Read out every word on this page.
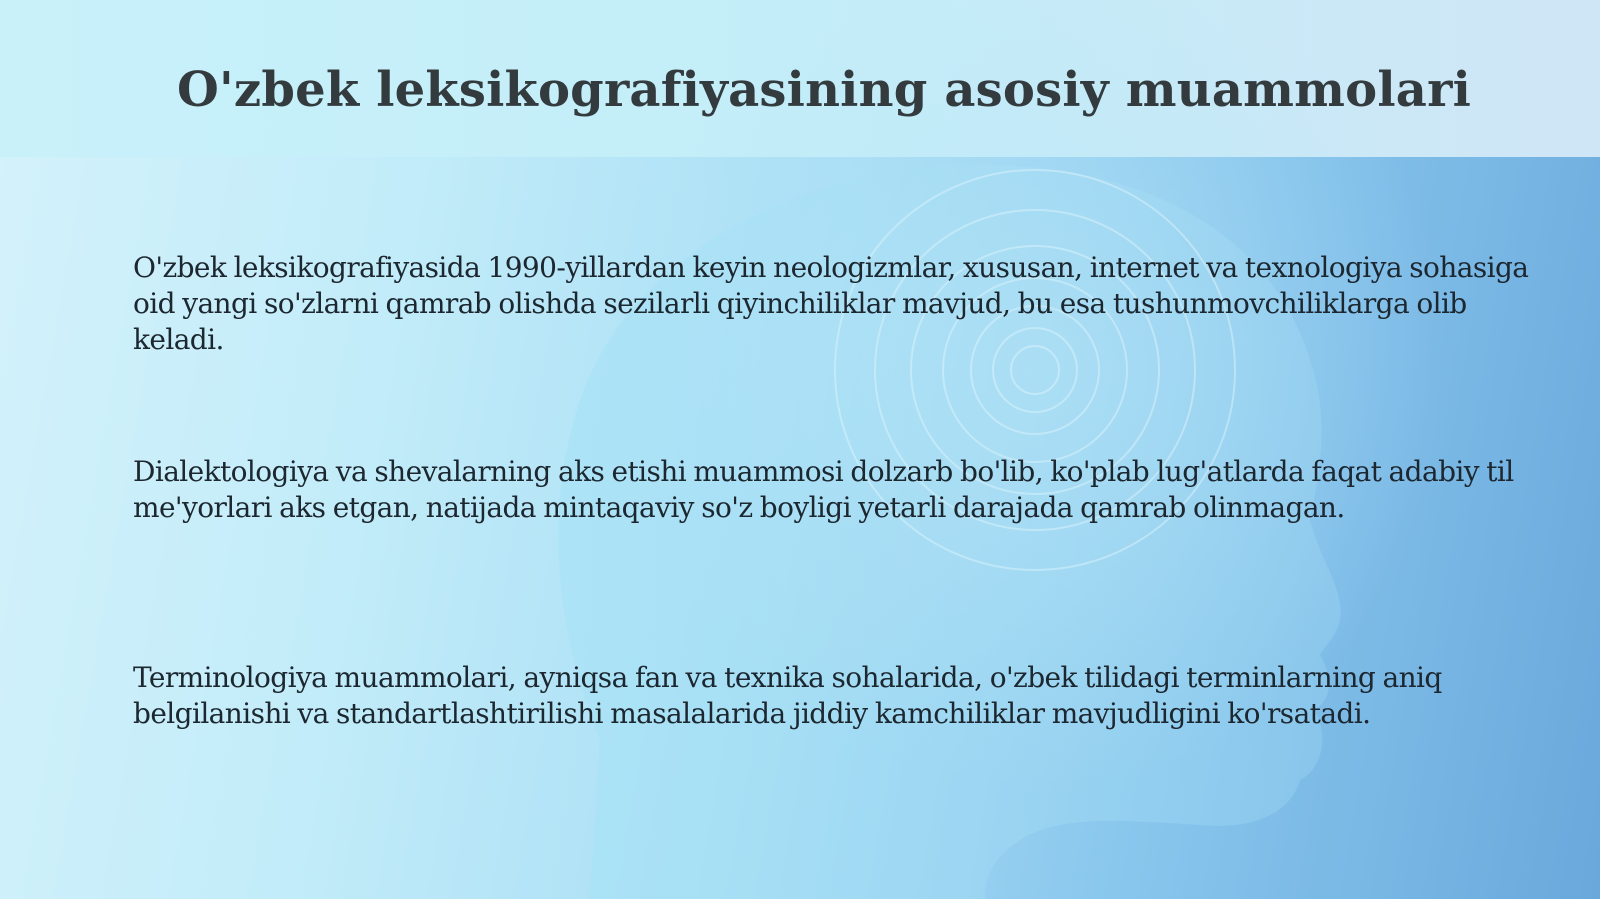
O'zbek leksikografiyasining asosiy muammolari

O'zbek leksikografiyasida 1990-yillardan keyin neologizmlar, xususan, internet va texnologiya sohasiga oid yangi so'zlarni qamrab olishda sezilarli qiyinchiliklar mavjud, bu esa tushunmovchiliklarga olib keladi.

Dialektologiya va shevalarning aks etishi muammosi dolzarb bo'lib, ko'plab lug'atlarda faqat adabiy til me'yorlari aks etgan, natijada mintaqaviy so'z boyligi yetarli darajada qamrab olinmagan.

Terminologiya muammolari, ayniqsa fan va texnika sohalarida, o'zbek tilidagi terminlarning aniq belgilanishi va standartlashtirilishi masalalarida jiddiy kamchiliklar mavjudligini ko'rsatadi.
